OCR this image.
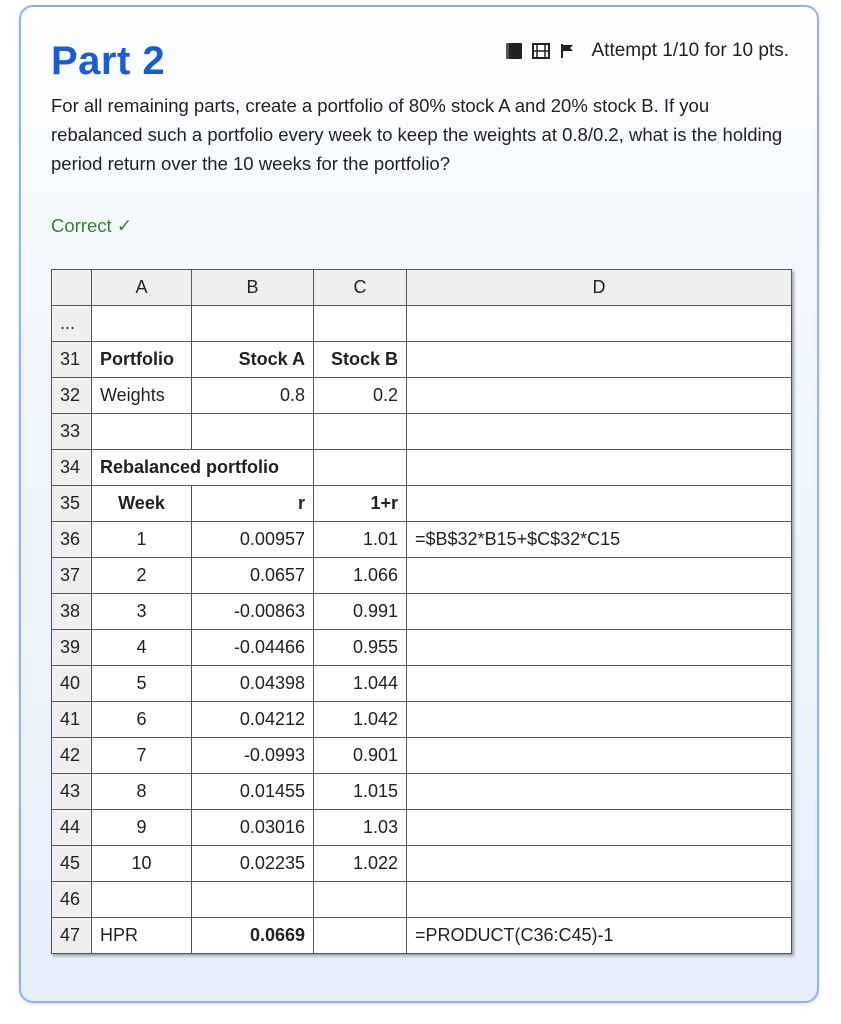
Part 2	Attempt 1/10 for 10 pts.
For all remaining parts, create a portfolio of 80% stock A and 20% stock B. If you rebalanced such a portfolio every week to keep the weights at 0.8/0.2, what is the holding period return over the 10 weeks for the portfolio?
Correct ✓
	A	B	C	D
...				
31	Portfolio	Stock A	Stock B	
32	Weights	0.8	0.2	
33				
34	Rebalanced portfolio			
35	Week	r	1+r	
36	1	0.00957	1.01	=$B$32*B15+$C$32*C15
37	2	0.0657	1.066	
38	3	-0.00863	0.991	
39	4	-0.04466	0.955	
40	5	0.04398	1.044	
41	6	0.04212	1.042	
42	7	-0.0993	0.901	
43	8	0.01455	1.015	
44	9	0.03016	1.03	
45	10	0.02235	1.022	
46				
47	HPR	0.0669		=PRODUCT(C36:C45)-1
